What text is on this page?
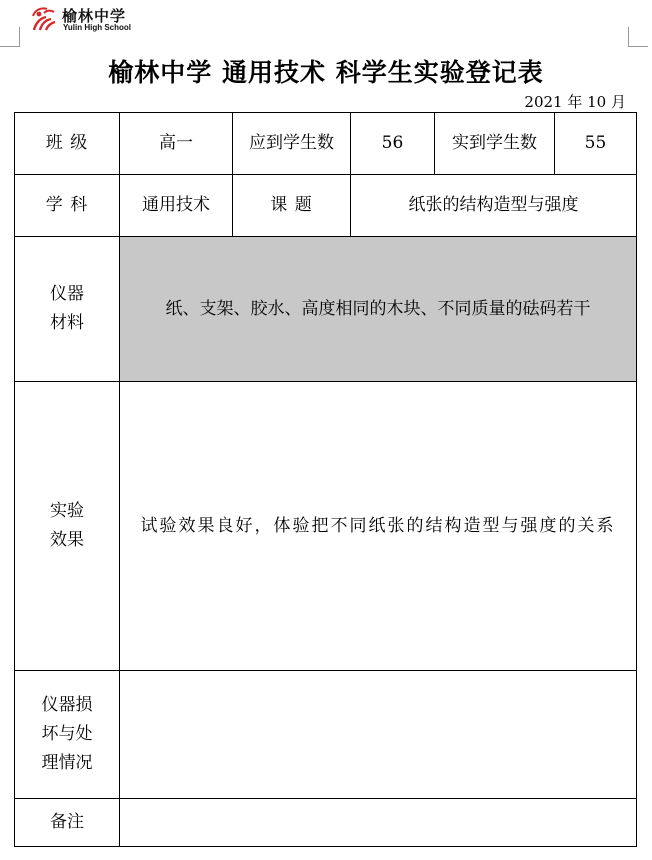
榆林中学
Yulin High School
榆林中学 通用技术 科学生实验登记表
2021 年 10 月
班 级	高一	应到学生数	56	实到学生数	55
学 科	通用技术	课 题	纸张的结构造型与强度		

仪器
材料	纸、支架、胶水、高度相同的木块、不同质量的砝码若干				

实验
效果	试验效果良好，体验把不同纸张的结构造型与强度的关系				

仪器损
坏与处
理情况					

备注					
